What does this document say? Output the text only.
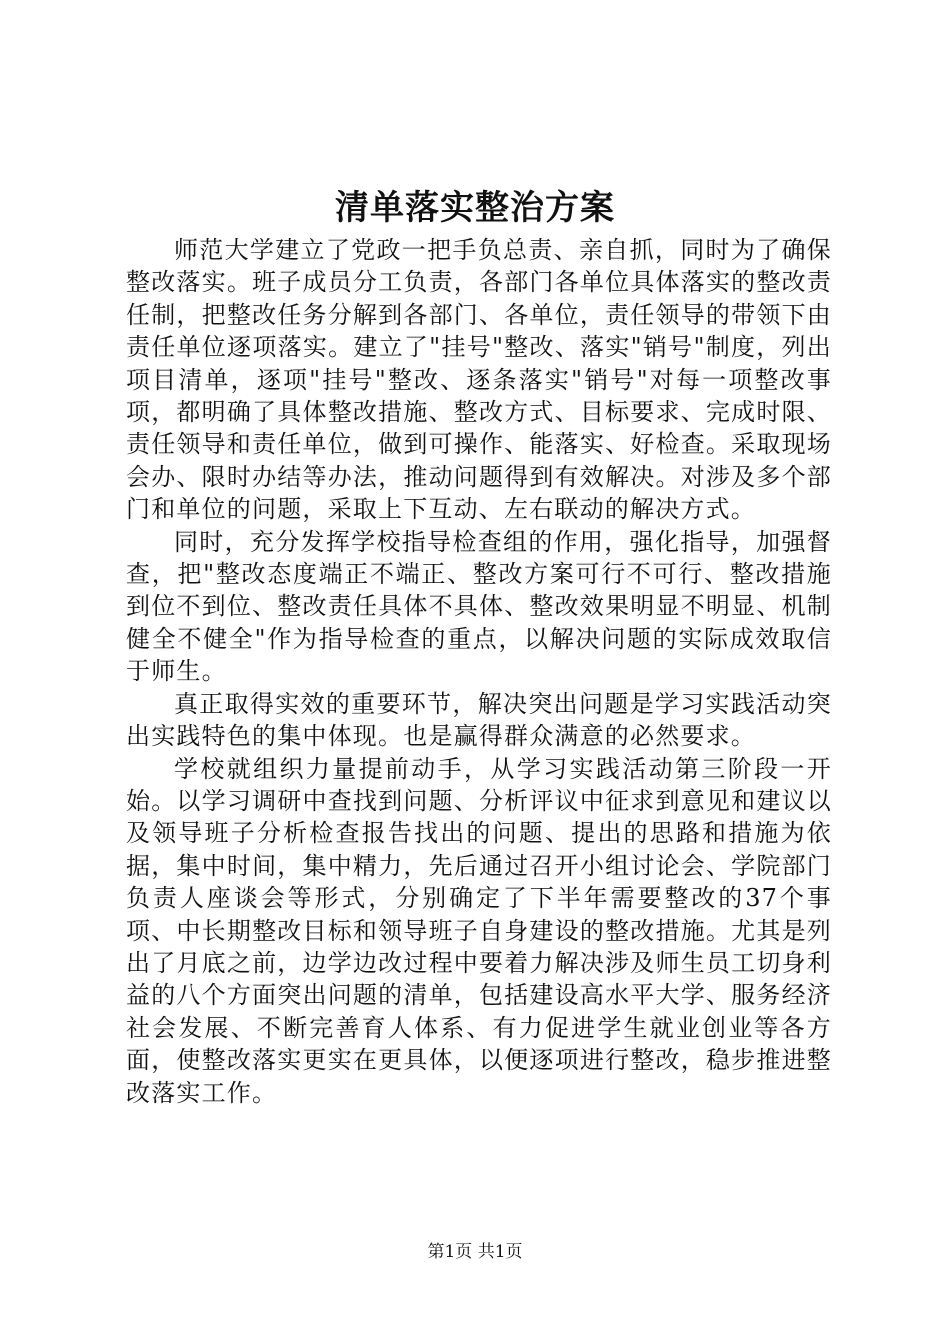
清单落实整治方案

师范大学建立了党政一把手负总责、亲自抓，同时为了确保整改落实。班子成员分工负责，各部门各单位具体落实的整改责任制，把整改任务分解到各部门、各单位，责任领导的带领下由责任单位逐项落实。建立了"挂号"整改、落实"销号"制度，列出项目清单，逐项"挂号"整改、逐条落实"销号"对每一项整改事项，都明确了具体整改措施、整改方式、目标要求、完成时限、责任领导和责任单位，做到可操作、能落实、好检查。采取现场会办、限时办结等办法，推动问题得到有效解决。对涉及多个部门和单位的问题，采取上下互动、左右联动的解决方式。

同时，充分发挥学校指导检查组的作用，强化指导，加强督查，把"整改态度端正不端正、整改方案可行不可行、整改措施到位不到位、整改责任具体不具体、整改效果明显不明显、机制健全不健全"作为指导检查的重点，以解决问题的实际成效取信于师生。

真正取得实效的重要环节，解决突出问题是学习实践活动突出实践特色的集中体现。也是赢得群众满意的必然要求。

学校就组织力量提前动手，从学习实践活动第三阶段一开始。以学习调研中查找到问题、分析评议中征求到意见和建议以及领导班子分析检查报告找出的问题、提出的思路和措施为依据，集中时间，集中精力，先后通过召开小组讨论会、学院部门负责人座谈会等形式，分别确定了下半年需要整改的37个事项、中长期整改目标和领导班子自身建设的整改措施。尤其是列出了月底之前，边学边改过程中要着力解决涉及师生员工切身利益的八个方面突出问题的清单，包括建设高水平大学、服务经济社会发展、不断完善育人体系、有力促进学生就业创业等各方面，使整改落实更实在更具体，以便逐项进行整改，稳步推进整改落实工作。

第1页 共1页
